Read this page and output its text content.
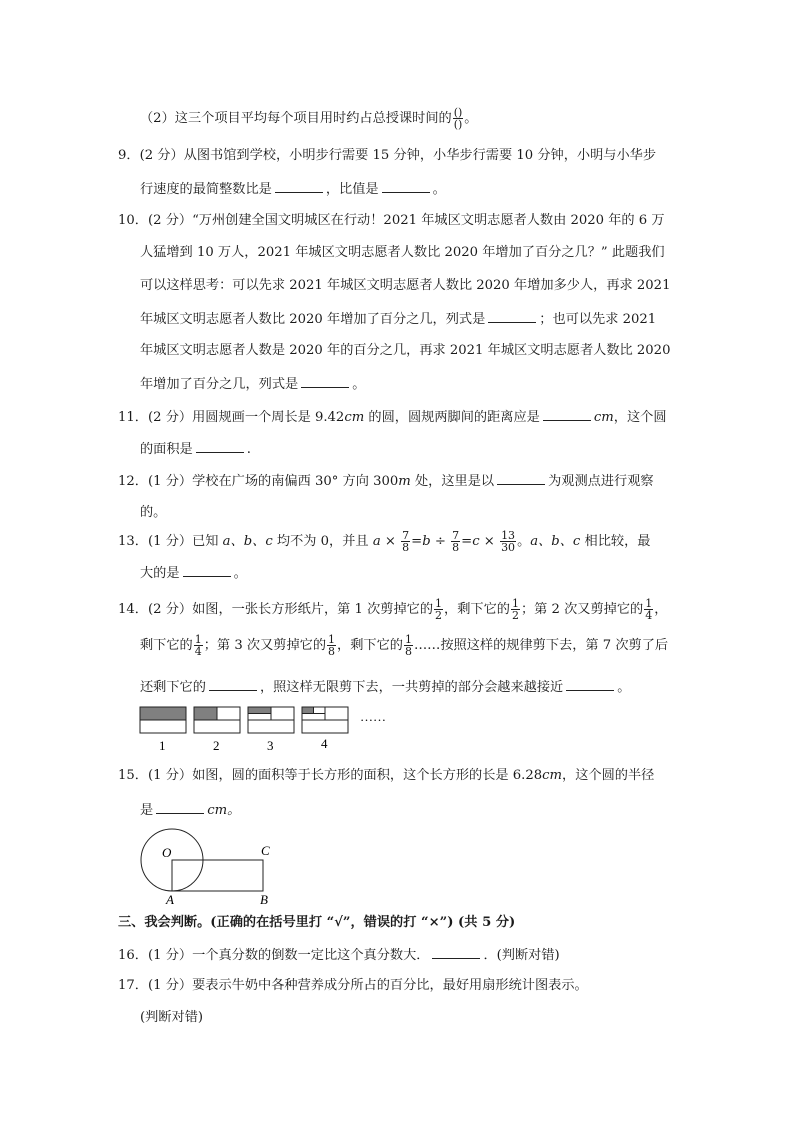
（2）这三个项目平均每个项目用时约占总授课时间的 $\frac{()}{()}$ 。
9．(2 分）从图书馆到学校，小明步行需要 15 分钟，小华步行需要 10 分钟，小明与小华步
行速度的最简整数比是	，比值是	。
10．(2 分）“万州创建全国文明城区在行动！2021 年城区文明志愿者人数由 2020 年的 6 万
人猛增到 10 万人，2021 年城区文明志愿者人数比 2020 年增加了百分之几？” 此题我们
可以这样思考：可以先求 2021 年城区文明志愿者人数比 2020 年增加多少人，再求 2021
年城区文明志愿者人数比 2020 年增加了百分之几，列式是	；也可以先求 2021
年城区文明志愿者人数是 2020 年的百分之几，再求 2021 年城区文明志愿者人数比 2020
年增加了百分之几，列式是	。
11．(2 分）用圆规画一个周长是 9.42cm 的圆，圆规两脚间的距离应是	cm，这个圆
的面积是	.
12．(1 分）学校在广场的南偏西 30° 方向 300m 处，这里是以	为观测点进行观察
的。
13．(1 分）已知 a、b、c 均不为 0，并且 $a \times \frac{7}{8} =b \div \frac{7}{8} =c \times \frac{13}{30}$ 。a、b、c 相比较，最
大的是	。
14．(2 分）如图，一张长方形纸片，第 1 次剪掉它的 $\frac{1}{2}$ ，剩下它的 $\frac{1}{2}$ ；第 2 次又剪掉它的 $\frac{1}{4}$ ，
剩下它的 $\frac{1}{4}$ ；第 3 次又剪掉它的 $\frac{1}{8}$ ，剩下它的 $\frac{1}{8}$ ……按照这样的规律剪下去，第 7 次剪了后
还剩下它的	，照这样无限剪下去，一共剪掉的部分会越来越接近	。
1	2	3	4
……
15．(1 分）如图，圆的面积等于长方形的面积，这个长方形的长是 6.28cm，这个圆的半径
是	cm。
O	C
A	B
三、我会判断。(正确的在括号里打 “√”，错误的打 “×”) (共 5 分)
16．(1 分）一个真分数的倒数一定比这个真分数大．	．(判断对错)
17．(1 分）要表示牛奶中各种营养成分所占的百分比，最好用扇形统计图表示。
(判断对错)
